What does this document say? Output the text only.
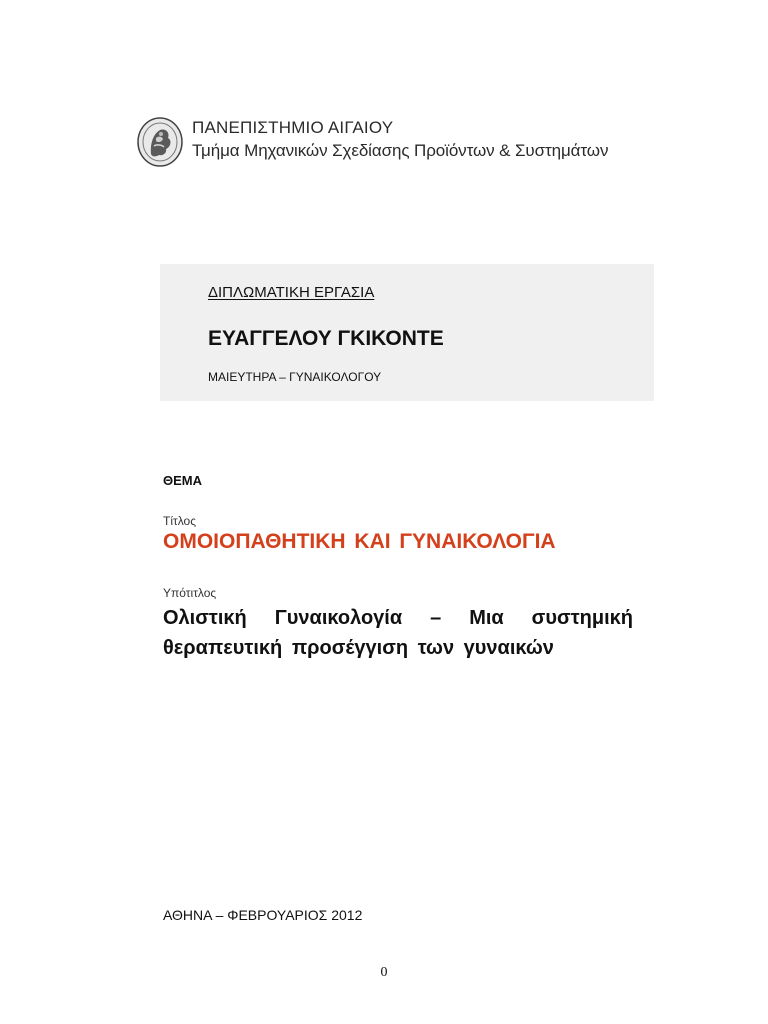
ΠΑΝΕΠΙΣΤΗΜΙΟ ΑΙΓΑΙΟΥ
Τμήμα Μηχανικών Σχεδίασης Προϊόντων & Συστημάτων
ΔΙΠΛΩΜΑΤΙΚΗ ΕΡΓΑΣΙΑ
ΕΥΑΓΓΕΛΟΥ ΓΚΙΚΟΝΤΕ
ΜΑΙΕΥΤΗΡΑ – ΓΥΝΑΙΚΟΛΟΓΟΥ
ΘΕΜΑ
Τίτλος
ΟΜΟΙΟΠΑΘΗΤΙΚΗ ΚΑΙ ΓΥΝΑΙΚΟΛΟΓΙΑ
Υπότιτλος
Ολιστική Γυναικολογία – Μια συστημική θεραπευτική προσέγγιση των γυναικών
ΑΘΗΝΑ – ΦΕΒΡΟΥΑΡΙΟΣ 2012
0
